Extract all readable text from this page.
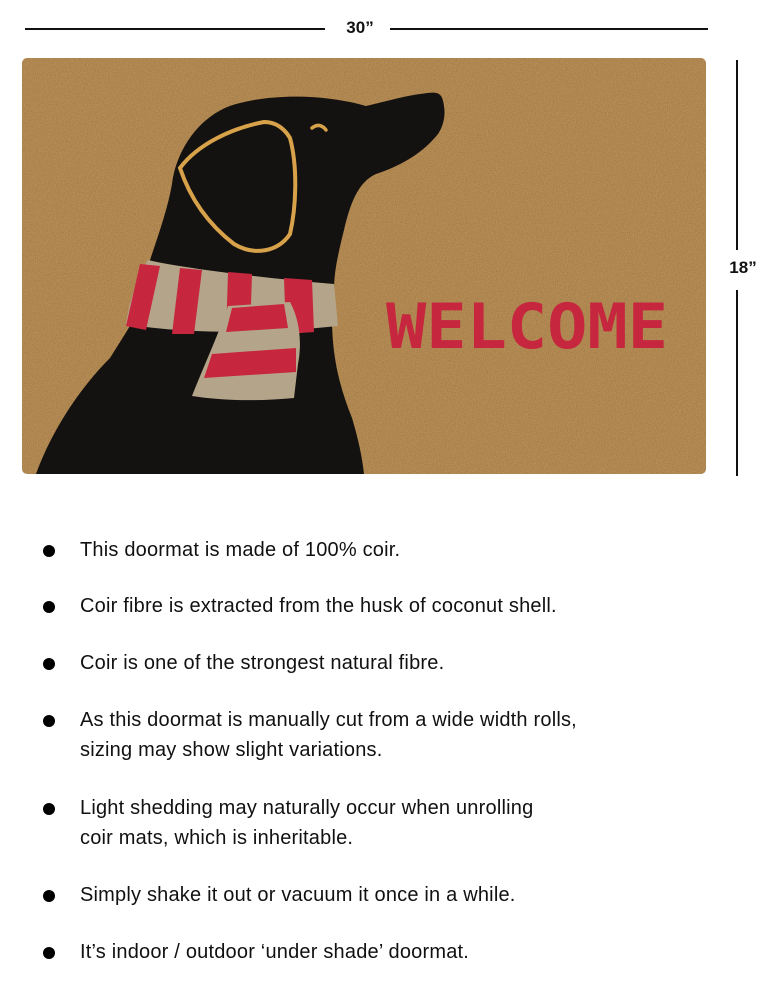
30”
18”
WELCOME
This doormat is made of 100% coir.
Coir fibre is extracted from the husk of coconut shell.
Coir is one of the strongest natural fibre.
As this doormat is manually cut from a wide width rolls,
sizing may show slight variations.
Light shedding may naturally occur when unrolling
coir mats, which is inheritable.
Simply shake it out or vacuum it once in a while.
It’s indoor / outdoor ‘under shade’ doormat.
